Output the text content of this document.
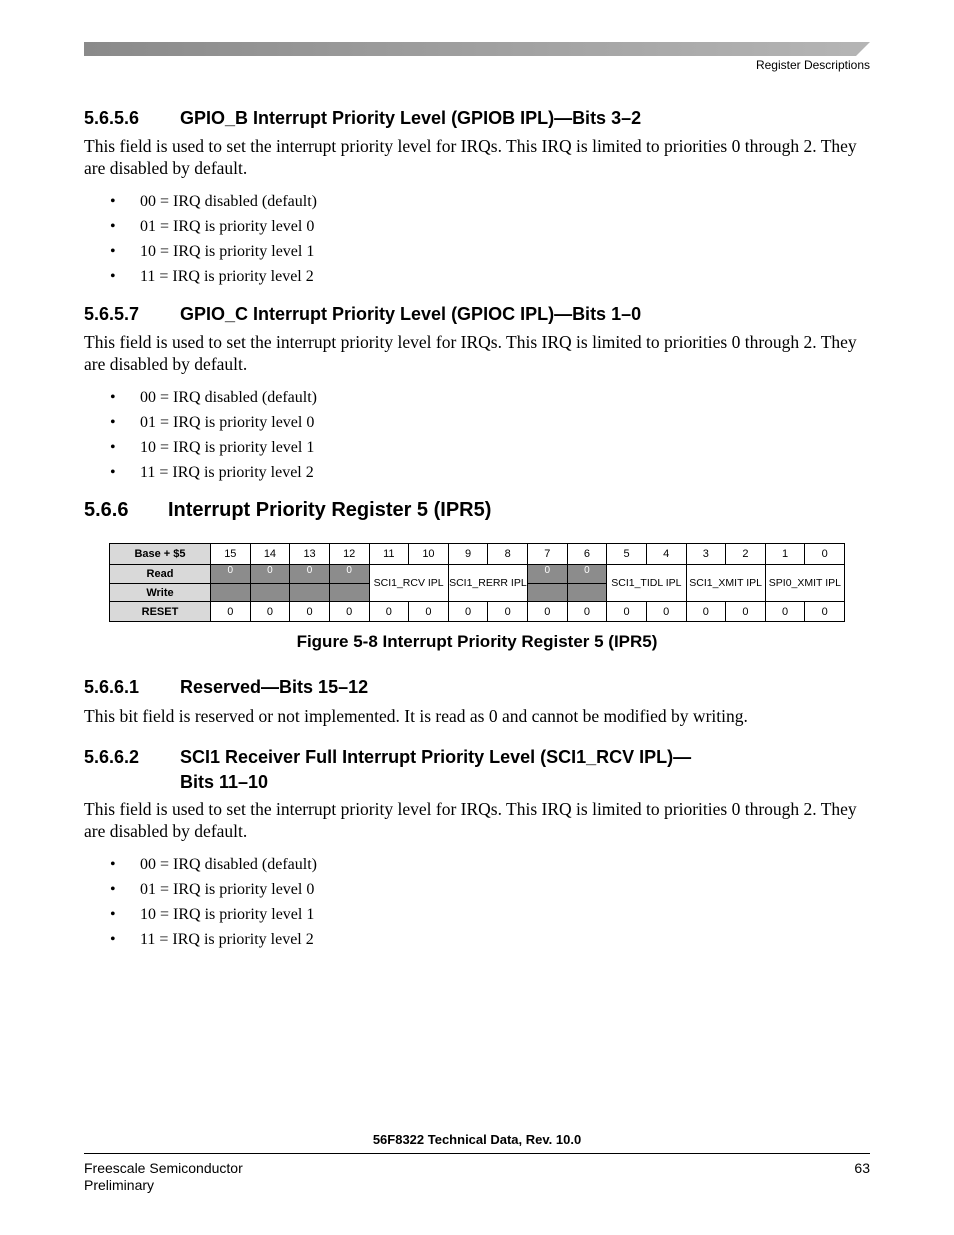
Register Descriptions
5.6.5.6 GPIO_B Interrupt Priority Level (GPIOB IPL)—Bits 3–2

This field is used to set the interrupt priority level for IRQs. This IRQ is limited to priorities 0 through 2. They are disabled by default.

• 00 = IRQ disabled (default)
• 01 = IRQ is priority level 0
• 10 = IRQ is priority level 1
• 11 = IRQ is priority level 2
5.6.5.7 GPIO_C Interrupt Priority Level (GPIOC IPL)—Bits 1–0

This field is used to set the interrupt priority level for IRQs. This IRQ is limited to priorities 0 through 2. They are disabled by default.

• 00 = IRQ disabled (default)
• 01 = IRQ is priority level 0
• 10 = IRQ is priority level 1
• 11 = IRQ is priority level 2
5.6.6 Interrupt Priority Register 5 (IPR5)
Base + $5	15	14	13	12	11	10	9	8	7	6	5	4	3	2	1	0
Read	0	0	0	0	SCI1_RCV IPL		SCI1_RERR IPL		0	0	SCI1_TIDL IPL		SCI1_XMIT IPL		SPI0_XMIT IPL	
Write																
RESET	0	0	0	0	0	0	0	0	0	0	0	0	0	0	0	0
Figure 5-8 Interrupt Priority Register 5 (IPR5)
5.6.6.1 Reserved—Bits 15–12

This bit field is reserved or not implemented. It is read as 0 and cannot be modified by writing.

5.6.6.2 SCI1 Receiver Full Interrupt Priority Level (SCI1_RCV IPL)—
Bits 11–10

This field is used to set the interrupt priority level for IRQs. This IRQ is limited to priorities 0 through 2. They are disabled by default.

• 00 = IRQ disabled (default)
• 01 = IRQ is priority level 0
• 10 = IRQ is priority level 1
• 11 = IRQ is priority level 2
56F8322 Technical Data, Rev. 10.0
Freescale Semiconductor
Preliminary
63
